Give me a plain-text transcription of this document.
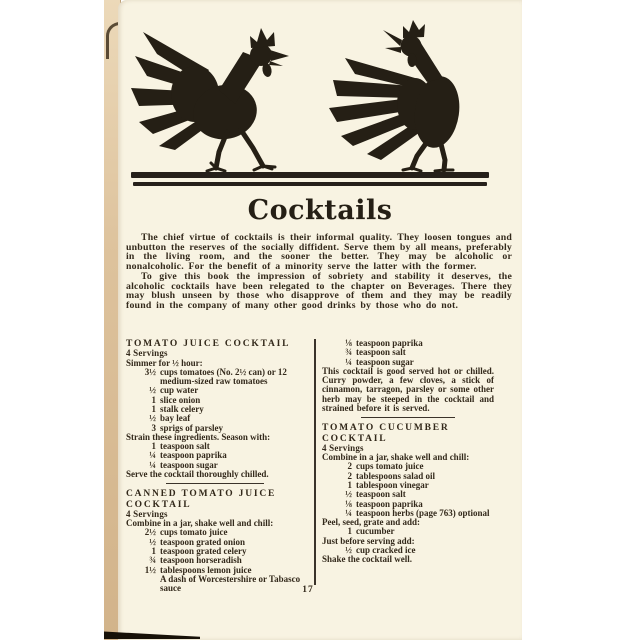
Cocktails

The chief virtue of cocktails is their informal quality. They loosen tongues and unbutton the reserves of the socially diffident. Serve them by all means, preferably in the living room, and the sooner the better. They may be alcoholic or nonalcoholic. For the benefit of a minority serve the latter with the former.

To give this book the impression of sobriety and stability it deserves, the alcoholic cocktails have been relegated to the chapter on Beverages. There they may blush unseen by those who disapprove of them and they may be readily found in the company of many other good drinks by those who do not.

TOMATO JUICE COCKTAIL
4 Servings
Simmer for ½ hour:
3½ cups tomatoes (No. 2½ can) or 12 medium-sized raw tomatoes
½ cup water
1 slice onion
1 stalk celery
½ bay leaf
3 sprigs of parsley
Strain these ingredients. Season with:
1 teaspoon salt
¼ teaspoon paprika
¼ teaspoon sugar
Serve the cocktail thoroughly chilled.
CANNED TOMATO JUICE COCKTAIL
4 Servings
Combine in a jar, shake well and chill:
2½ cups tomato juice
½ teaspoon grated onion
1 teaspoon grated celery
¾ teaspoon horseradish
1½ tablespoons lemon juice
A dash of Worcestershire or Tabasco sauce
⅛ teaspoon paprika
¾ teaspoon salt
¼ teaspoon sugar
This cocktail is good served hot or chilled. Curry powder, a few cloves, a stick of cinnamon, tarragon, parsley or some other herb may be steeped in the cocktail and strained before it is served.
TOMATO CUCUMBER COCKTAIL
4 Servings
Combine in a jar, shake well and chill:
2 cups tomato juice
2 tablespoons salad oil
1 tablespoon vinegar
½ teaspoon salt
⅛ teaspoon paprika
¼ teaspoon herbs (page 763) optional
Peel, seed, grate and add:
1 cucumber
Just before serving add:
½ cup cracked ice
Shake the cocktail well.
17
